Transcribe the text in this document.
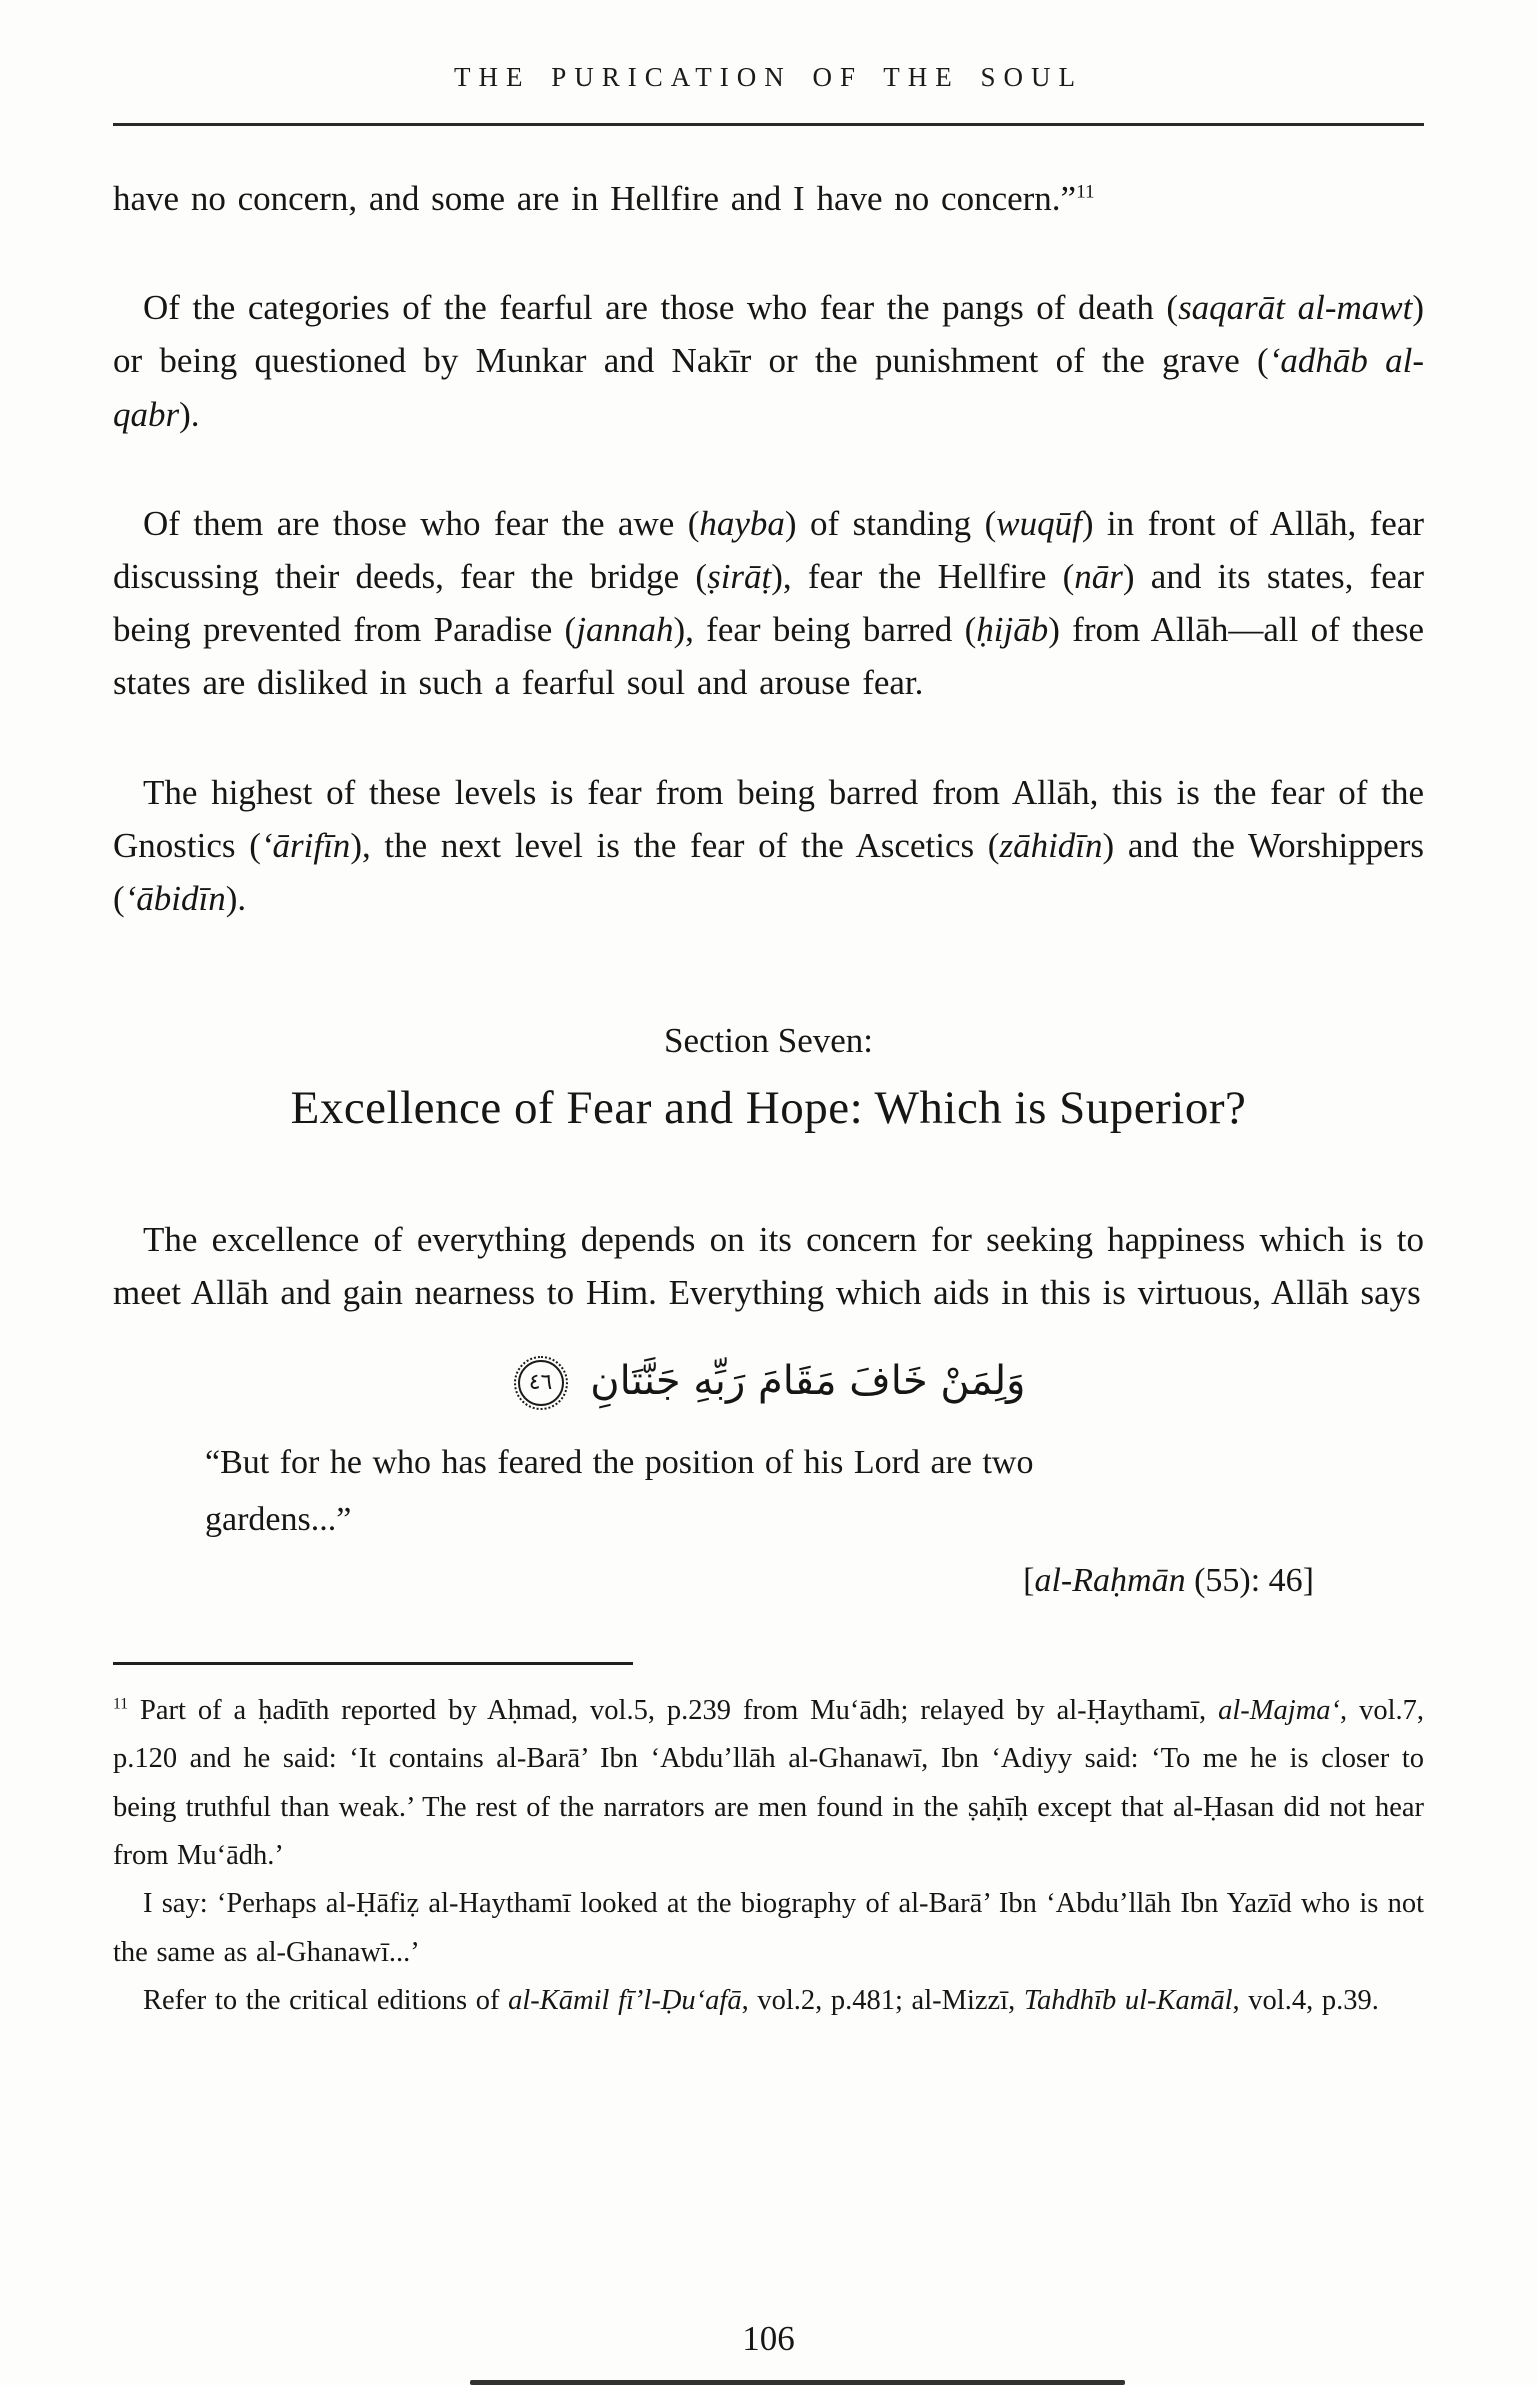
THE PURICATION OF THE SOUL

have no concern, and some are in Hellfire and I have no concern.”$^{11}$

Of the categories of the fearful are those who fear the pangs of death (saqarāt al-mawt) or being questioned by Munkar and Nakīr or the punishment of the grave (‘adhāb al-qabr).

Of them are those who fear the awe (hayba) of standing (wuqūf) in front of Allāh, fear discussing their deeds, fear the bridge (ṣirāṭ), fear the Hellfire (nār) and its states, fear being prevented from Paradise (jannah), fear being barred (ḥijāb) from Allāh—all of these states are disliked in such a fearful soul and arouse fear.

The highest of these levels is fear from being barred from Allāh, this is the fear of the Gnostics (‘ārifīn), the next level is the fear of the Ascetics (zāhidīn) and the Worshippers (‘ābidīn).

Section Seven:
Excellence of Fear and Hope: Which is Superior?

The excellence of everything depends on its concern for seeking happiness which is to meet Allāh and gain nearness to Him. Everything which aids in this is virtuous, Allāh says

وَلِمَنْ خَافَ مَقَامَ رَبِّهِ جَنَّتَانِ ٤٦
“But for he who has feared the position of his Lord are two
gardens...”
[al-Raḥmān (55): 46]

$^{11}$ Part of a ḥadīth reported by Aḥmad, vol.5, p.239 from Mu‘ādh; relayed by al-Ḥaythamī, al-Majma‘, vol.7, p.120 and he said: ‘It contains al-Barā’ Ibn ‘Abdu’llāh al-Ghanawī, Ibn ‘Adiyy said: ‘To me he is closer to being truthful than weak.’ The rest of the narrators are men found in the ṣaḥīḥ except that al-Ḥasan did not hear from Mu‘ādh.’

I say: ‘Perhaps al-Ḥāfiẓ al-Haythamī looked at the biography of al-Barā’ Ibn ‘Abdu’llāh Ibn Yazīd who is not the same as al-Ghanawī...’

Refer to the critical editions of al-Kāmil fī’l-Ḍu‘afā, vol.2, p.481; al-Mizzī, Tahdhīb ul-Kamāl, vol.4, p.39.

106
